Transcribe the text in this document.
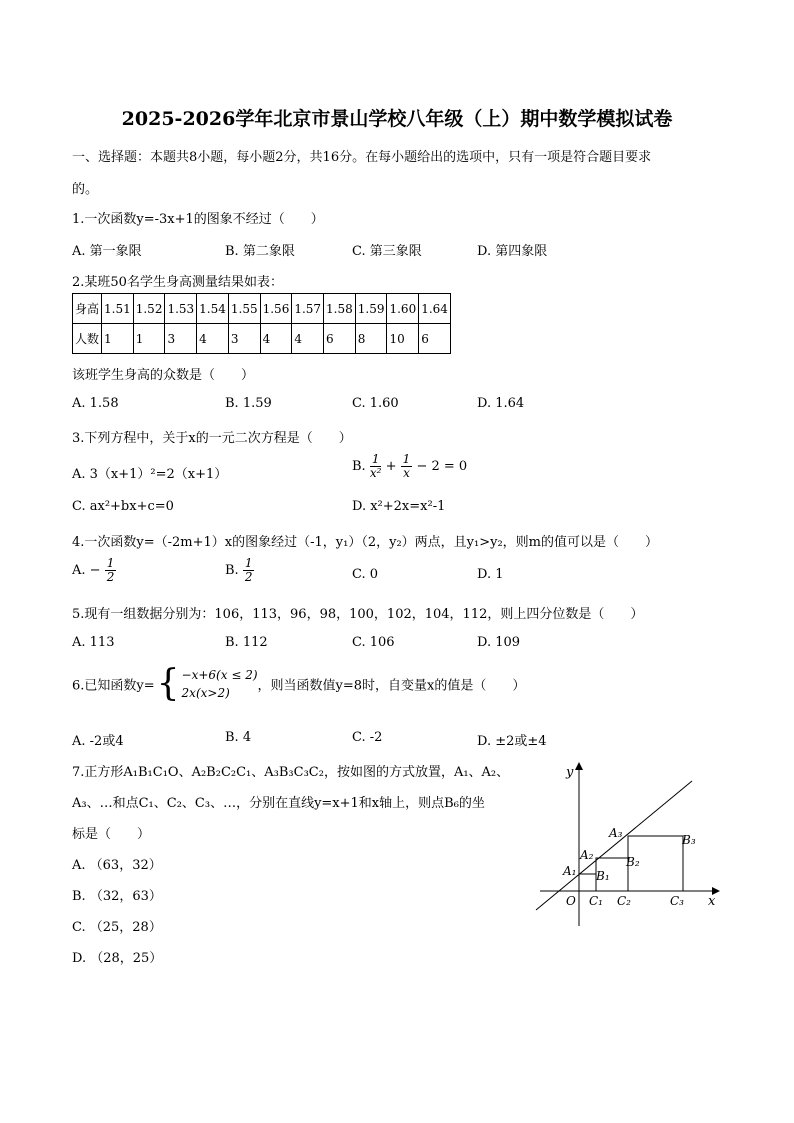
2025-2026学年北京市景山学校八年级（上）期中数学模拟试卷
一、选择题：本题共8小题，每小题2分，共16分。在每小题给出的选项中，只有一项是符合题目要求
的。
1.一次函数y=-3x+1的图象不经过（　　）
A. 第一象限	B. 第二象限	C. 第三象限	D. 第四象限
2.某班50名学生身高测量结果如表：
身高	1.51	1.52	1.53	1.54	1.55	1.56	1.57	1.58	1.59	1.60	1.64
人数	1	1	3	4	3	4	4	6	8	10	6
该班学生身高的众数是（　　）
A. 1.58	B. 1.59	C. 1.60	D. 1.64
3.下列方程中，关于x的一元二次方程是（　　）
A. 3（x+1）²=2（x+1）
B. $\frac{1}{\text{x²}} + \frac{1}{x} - 2 = 0$
C. ax²+bx+c=0	D. x²+2x=x²-1
4.一次函数y=（-2m+1）x的图象经过（-1，y₁）（2，y₂）两点，且y₁>y₂，则m的值可以是（　　）
A. − $\frac{1}{2}$	B. $\frac{1}{2}$	C. 0	D. 1
5.现有一组数据分别为：106，113，96，98，100，102，104，112，则上四分位数是（　　）
A. 113	B. 112	C. 106	D. 109
6.已知函数y={ −x+6(x ≤ 2)
2x(x>2)	，则当函数值y=8时，自变量x的值是（　　）
A. -2或4	B. 4	C. -2	D. ±2或±4
7.正方形A₁B₁C₁O、A₂B₂C₂C₁、A₃B₃C₃C₂，按如图的方式放置，A₁、A₂、
A₃、…和点C₁、C₂、C₃、…，分别在直线y=x+1和x轴上，则点B₆的坐
标是（　　）
A. （63，32）
B. （32，63）
C. （25，28）
D. （28，25）
y
x
O
A₁
A₂
A₃
B₁
B₂
B₃
C₁ C₂	C₃
